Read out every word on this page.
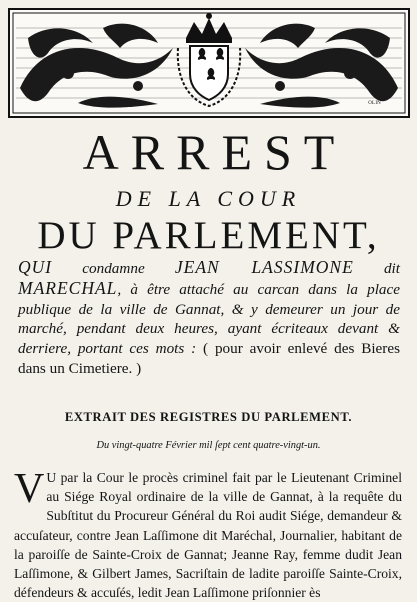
OLIN
ARREST
DE LA COUR
DU PARLEMENT,
QUI condamne JEAN LASSIMONE dit MARECHAL, à être attaché au carcan dans la place publique de la ville de Gannat, & y demeurer un jour de marché, pendant deux heures, ayant écriteaux devant & derriere, portant ces mots : ( pour avoir enlevé des Bieres dans un Cimetiere. )
EXTRAIT DES REGISTRES DU PARLEMENT.
Du vingt-quatre Février mil ſept cent quatre-vingt-un.
V U par la Cour le procès criminel fait par le Lieutenant Criminel au Siége Royal ordinaire de la ville de Gannat, à la requête du Subſtitut du Procureur Général du Roi audit Siége, demandeur & accuſateur, contre Jean Laſſimone dit Maréchal, Journalier, habitant de la paroiſſe de Sainte-Croix de Gannat; Jeanne Ray, femme dudit Jean Laſſimone, & Gilbert James, Sacriſtain de ladite paroiſſe Sainte-Croix, défendeurs & accuſés, ledit Jean Laſſimone priſonnier ès
